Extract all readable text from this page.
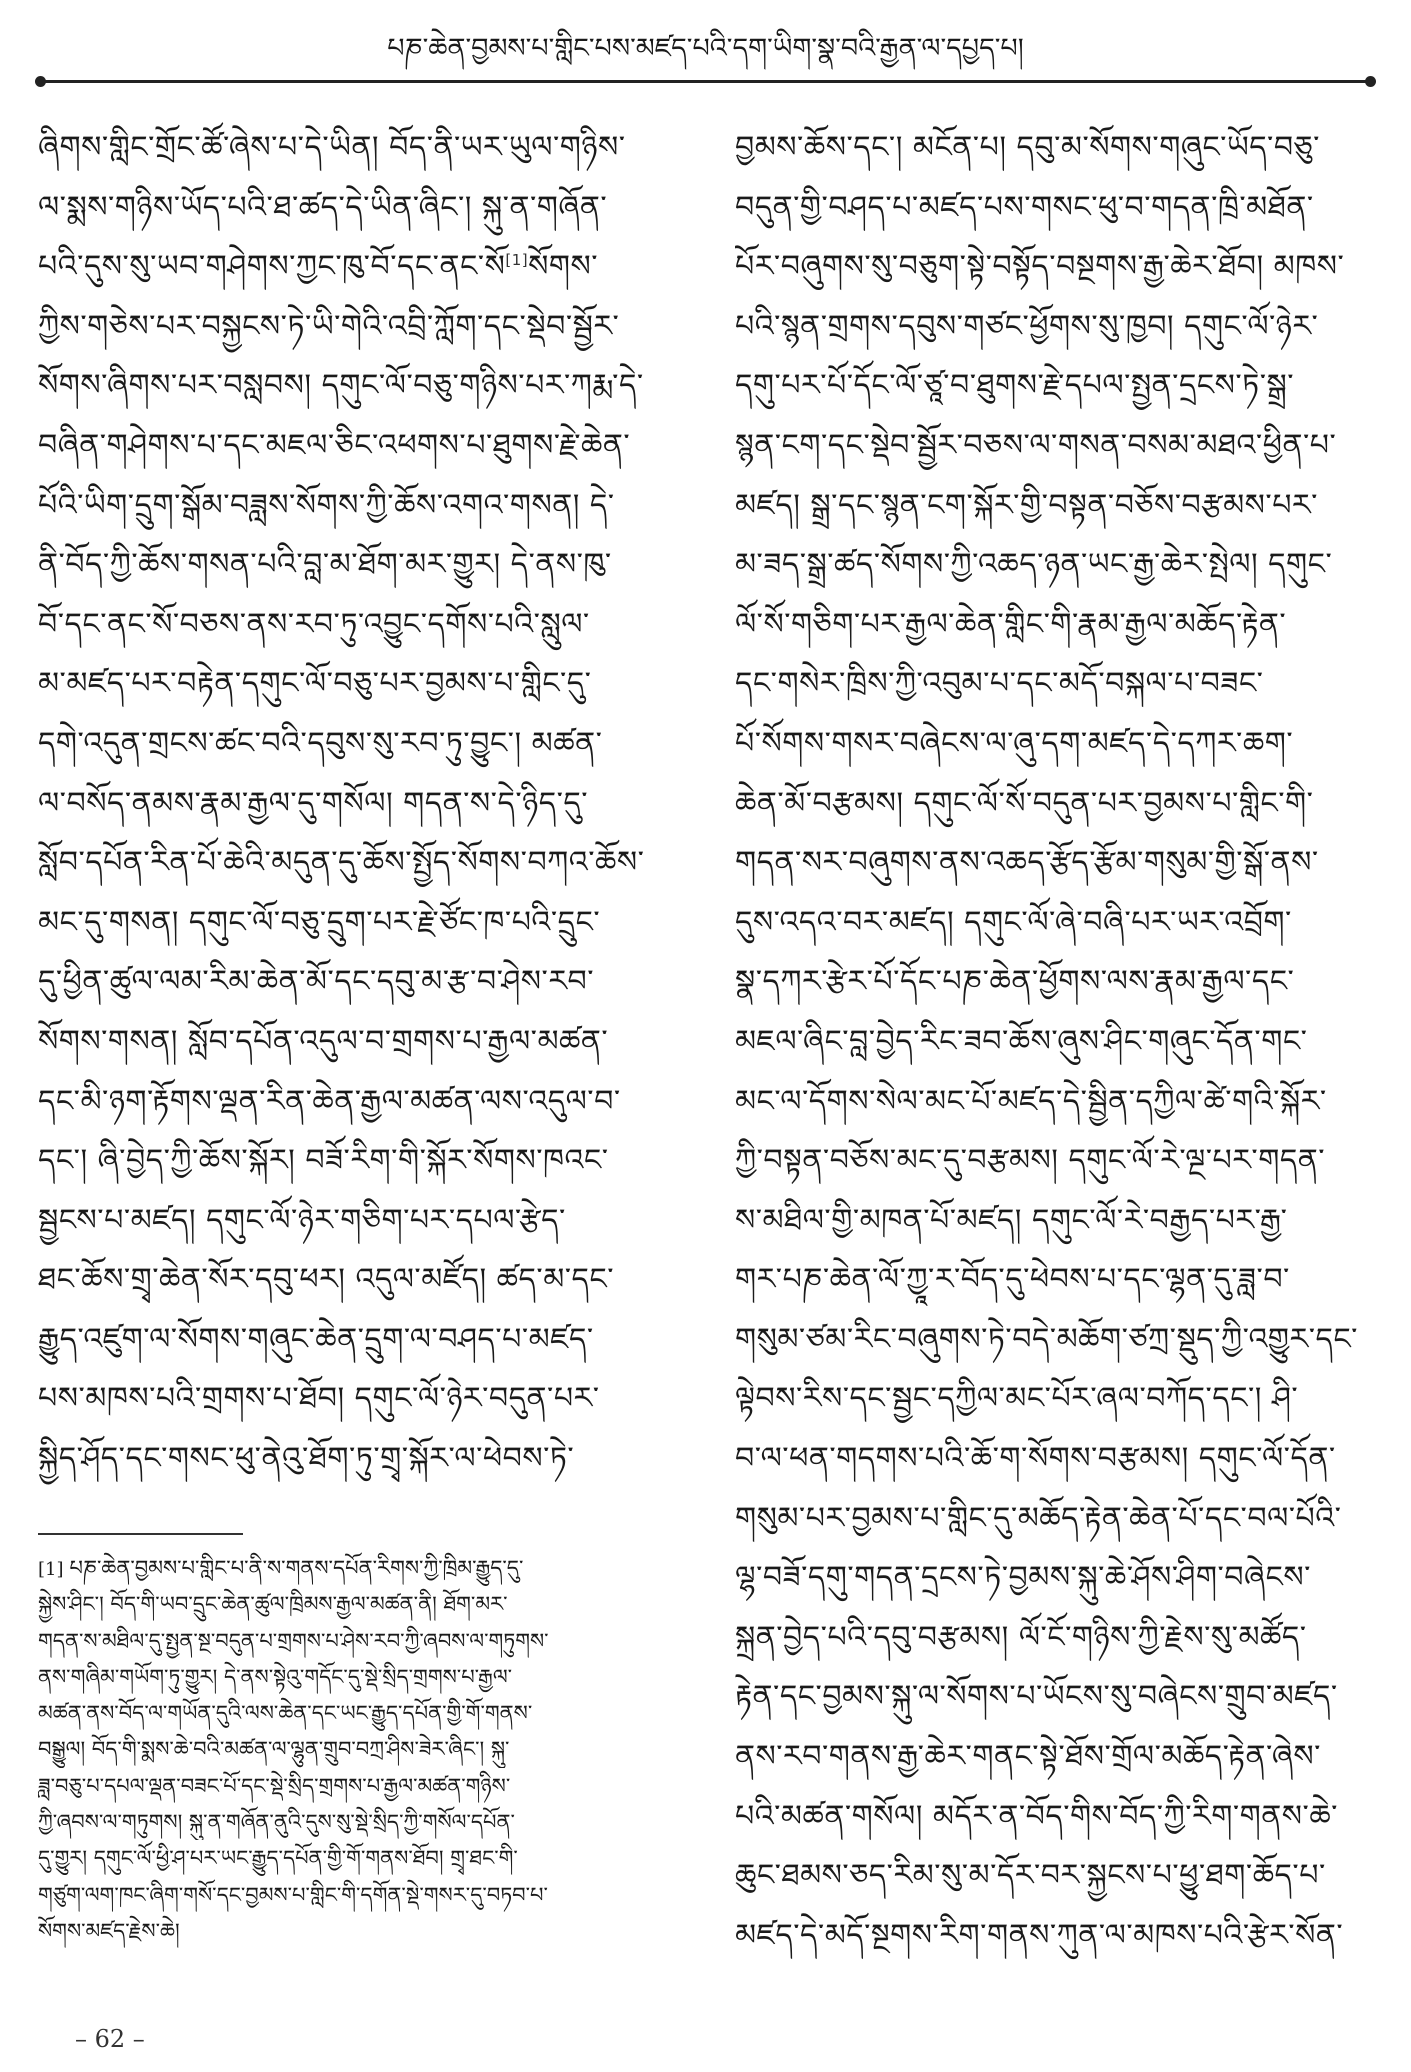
པཎ་ཆེན་བྱམས་པ་གླིང་པས་མཛད་པའི་དག་ཡིག་སྣ་བའི་རྒྱན་ལ་དཔྱད་པ།
ཞིགས་གླིང་གྲོང་ཚོ་ཞེས་པ་དེ་ཡིན། བོད་ནི་ཡར་ཡུལ་གཉིས་
ལ་སྨས་གཉིས་ཡོད་པའི་ཐ་ཚད་དེ་ཡིན་ཞིང་། སྐུ་ན་གཞོན་
པའི་དུས་སུ་ཡབ་གཤེགས་ཀྱང་ཁུ་བོ་དང་ནང་སོ[1]སོགས་
ཀྱིས་གཅེས་པར་བསྐྱངས་ཏེ་ཡི་གེའི་འབྲི་ཀློག་དང་སྡེབ་སྦྱོར་
སོགས་ཞིགས་པར་བསླབས། དགུང་ལོ་བཅུ་གཉིས་པར་ཀརྨ་དེ་
བཞིན་གཤེགས་པ་དང་མཇལ་ཅིང་འཕགས་པ་ཐུགས་རྗེ་ཆེན་
པོའི་ཡིག་དྲུག་སྒོམ་བཟླས་སོགས་ཀྱི་ཆོས་འགའ་གསན། དེ་
ནི་བོད་ཀྱི་ཆོས་གསན་པའི་བླ་མ་ཐོག་མར་གྱུར། དེ་ནས་ཁུ་
བོ་དང་ནང་སོ་བཅས་ནས་རབ་ཏུ་འབྱུང་དགོས་པའི་སླུལ་
མ་མཛད་པར་བརྟེན་དགུང་ལོ་བཅུ་པར་བྱམས་པ་གླིང་དུ་
དགེ་འདུན་གྲངས་ཚང་བའི་དབུས་སུ་རབ་ཏུ་བྱུང་། མཚན་
ལ་བསོད་ནམས་རྣམ་རྒྱལ་དུ་གསོལ། གདན་ས་དེ་ཉིད་དུ་
སློབ་དཔོན་རིན་པོ་ཆེའི་མདུན་དུ་ཆོས་སྤྱོད་སོགས་བཀའ་ཆོས་
མང་དུ་གསན། དགུང་ལོ་བཅུ་དྲུག་པར་རྗེ་ཙོང་ཁ་པའི་དྲུང་
དུ་ཕྱིན་ཚུལ་ལམ་རིམ་ཆེན་མོ་དང་དབུ་མ་རྩ་བ་ཤེས་རབ་
སོགས་གསན། སློབ་དཔོན་འདུལ་བ་གྲགས་པ་རྒྱལ་མཚན་
དང་མི་ཉག་རྟོགས་ལྡན་རིན་ཆེན་རྒྱལ་མཚན་ལས་འདུལ་བ་
དང་། ཞི་བྱེད་ཀྱི་ཆོས་སྐོར། བཟོ་རིག་གི་སྐོར་སོགས་ཁའང་
སྦྱངས་པ་མཛད། དགུང་ལོ་ཉེར་གཅིག་པར་དཔལ་རྩེད་
ཐང་ཆོས་གྲྭ་ཆེན་སོར་དབུ་ཕར། འདུལ་མཛོད། ཚད་མ་དང་
རྒྱུད་འཛུག་ལ་སོགས་གཞུང་ཆེན་དྲུག་ལ་བཤད་པ་མཛད་
པས་མཁས་པའི་གྲགས་པ་ཐོབ། དགུང་ལོ་ཉེར་བདུན་པར་
སྐྱིད་ཤོད་དང་གསང་ཕུ་ནེའུ་ཐོག་ཏུ་གྲྭ་སྐོར་ལ་ཕེབས་ཏེ་
བྱམས་ཆོས་དང་། མངོན་པ། དབུ་མ་སོགས་གཞུང་ཡོད་བཅུ་
བདུན་གྱི་བཤད་པ་མཛད་པས་གསང་ཕུ་བ་གདན་ཁྲི་མཐོན་
པོར་བཞུགས་སུ་བཅུག་སྟེ་བསྟོད་བསྔགས་རྒྱ་ཆེར་ཐོབ། མཁས་
པའི་སྙན་གྲགས་དབུས་གཙང་ཕྱོགས་སུ་ཁྱབ། དགུང་ལོ་ཉེར་
དགུ་པར་པོ་དོང་ལོ་ཙཱ་བ་ཐུགས་རྗེ་དཔལ་སྤྱན་དྲངས་ཏེ་སྒྲ་
སྙན་ངག་དང་སྡེབ་སྦྱོར་བཅས་ལ་གསན་བསམ་མཐའ་ཕྱིན་པ་
མཛད། སྒྲ་དང་སྙན་ངག་སྐོར་གྱི་བསྟན་བཅོས་བརྩམས་པར་
མ་ཟད་སྒྲ་ཚད་སོགས་ཀྱི་འཆད་ཉན་ཡང་རྒྱ་ཆེར་སྤེལ། དགུང་
ལོ་སོ་གཅིག་པར་རྒྱལ་ཆེན་གླིང་གི་རྣམ་རྒྱལ་མཆོད་རྟེན་
དང་གསེར་ཁྲིས་ཀྱི་འབུམ་པ་དང་མདོ་བསྐལ་པ་བཟང་
པོ་སོགས་གསར་བཞེངས་ལ་ཞུ་དག་མཛད་དེ་དཀར་ཆག་
ཆེན་མོ་བརྩམས། དགུང་ལོ་སོ་བདུན་པར་བྱམས་པ་གླིང་གི་
གདན་སར་བཞུགས་ནས་འཆད་རྩོད་རྩོམ་གསུམ་གྱི་སྒོ་ནས་
དུས་འདའ་བར་མཛད། དགུང་ལོ་ཞེ་བཞི་པར་ཡར་འབྲོག་
སྣ་དཀར་རྩེར་པོ་དོང་པཎ་ཆེན་ཕྱོགས་ལས་རྣམ་རྒྱལ་དང་
མཇལ་ཞིང་བླ་བྱེད་རིང་ཟབ་ཆོས་ཞུས་ཤིང་གཞུང་དོན་གང་
མང་ལ་དོགས་སེལ་མང་པོ་མཛད་དེ་སྦྱིན་དཀྱིལ་ཚེ་གའི་སྐོར་
ཀྱི་བསྟན་བཅོས་མང་དུ་བརྩམས། དགུང་ལོ་རེ་ལྔ་པར་གདན་
ས་མཐིལ་གྱི་མཁན་པོ་མཛད། དགུང་ལོ་རེ་བརྒྱད་པར་རྒྱ་
གར་པཎ་ཆེན་ལོ་ཀྱཱ་ར་བོད་དུ་ཕེབས་པ་དང་ལྷན་དུ་ཟླ་བ་
གསུམ་ཙམ་རིང་བཞུགས་ཏེ་བདེ་མཆོག་ཙཀྲ་སྡུད་ཀྱི་འགྱུར་དང་
ལྟེབས་རིས་དང་སྦྱང་དཀྱིལ་མང་པོར་ཞལ་བཀོད་དང་། ཤི་
བ་ལ་ཕན་གདགས་པའི་ཆོ་ག་སོགས་བརྩམས། དགུང་ལོ་དོན་
གསུམ་པར་བྱམས་པ་གླིང་དུ་མཆོད་རྟེན་ཆེན་པོ་དང་བལ་པོའི་
ལྷ་བཟོ་དགུ་གདན་དྲངས་ཏེ་བྱམས་སྐུ་ཆེ་ཤོས་ཤིག་བཞེངས་
སྐྲན་བྱེད་པའི་དབུ་བརྩམས། ལོ་ངོ་གཉིས་ཀྱི་རྗེས་སུ་མཚོད་
རྟེན་དང་བྱམས་སྐུ་ལ་སོགས་པ་ཡོངས་སུ་བཞེངས་གྲུབ་མཛད་
ནས་རབ་གནས་རྒྱ་ཆེར་གནང་སྟེ་ཐོས་གྲོལ་མཆོད་རྟེན་ཞེས་
པའི་མཚན་གསོལ། མདོར་ན་བོད་གིས་བོད་ཀྱི་རིག་གནས་ཆེ་
ཆུང་ཐམས་ཅད་རིམ་སུ་མ་དོར་བར་སྐྱངས་པ་ཕྱུ་ཐག་ཆོད་པ་
མཛད་དེ་མདོ་སྔགས་རིག་གནས་ཀུན་ལ་མཁས་པའི་རྩེར་སོན་
[1] པཎ་ཆེན་བྱམས་པ་གླིང་པ་ནི་ས་གནས་དཔོན་རིགས་ཀྱི་ཁྲིམ་རྒྱུད་དུ་
སྐྱེས་ཤིང་། བོད་གི་ཡབ་དྲུང་ཆེན་ཚུལ་ཁྲིམས་རྒྱལ་མཚན་ནི། ཐོག་མར་
གདན་ས་མཐིལ་དུ་སྤྱན་སྔ་བདུན་པ་གྲགས་པ་ཤེས་རབ་ཀྱི་ཞབས་ལ་གཏུགས་
ནས་གཞིམ་གཡོག་ཏུ་གྱུར། དེ་ནས་སྟེའུ་གདོང་དུ་སྡེ་སྲིད་གྲགས་པ་རྒྱལ་
མཚན་ནས་བོད་ལ་གཡོན་དུའི་ལས་ཆེན་དང་ཡང་རྒྱུད་དཔོན་གྱི་གོ་གནས་
བསྒྱུལ། བོད་གི་སྨས་ཆེ་བའི་མཚན་ལ་ལྷུན་གྲུབ་བཀྲ་ཤིས་ཟེར་ཞིང་། སྐུ་
ཟླ་བཅུ་པ་དཔལ་ལྡན་བཟང་པོ་དང་སྡེ་སྲིད་གྲགས་པ་རྒྱལ་མཚན་གཉིས་
ཀྱི་ཞབས་ལ་གཏུགས། སྐུ་ན་གཞོན་ནུའི་དུས་སུ་སྡེ་སྲིད་ཀྱི་གསོལ་དཔོན་
དུ་གྱུར། དགུང་ལོ་ཕྱི་ཤ་པར་ཡང་རྒྱུད་དཔོན་གྱི་གོ་གནས་ཐོབ། གྲྭ་ཐང་གི་
གཙུག་ལག་ཁང་ཞིག་གསོ་དང་བྱམས་པ་གླིང་གི་དགོན་སྡེ་གསར་དུ་བཏབ་པ་
སོགས་མཛད་རྗེས་ཆེ།
– 62 –
